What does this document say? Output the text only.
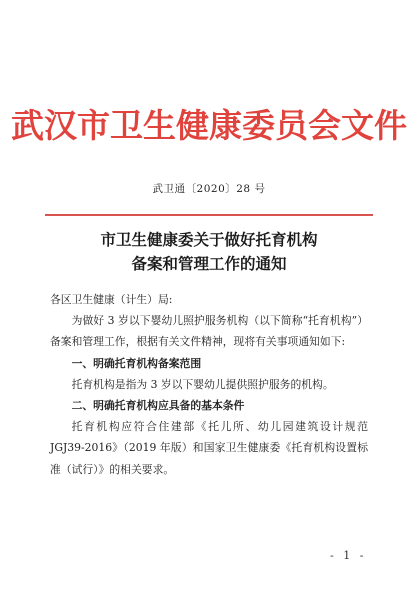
武汉市卫生健康委员会文件
武卫通〔2020〕28 号
市卫生健康委关于做好托育机构
备案和管理工作的通知

各区卫生健康（计生）局:

为做好 3 岁以下婴幼儿照护服务机构（以下简称“托育机构”）备案和管理工作，根据有关文件精神，现将有关事项通知如下:

一、明确托育机构备案范围

托育机构是指为 3 岁以下婴幼儿提供照护服务的机构。

二、明确托育机构应具备的基本条件

托育机构应符合住建部《托儿所、幼儿园建筑设计规范 JGJ39-2016》（2019 年版）和国家卫生健康委《托育机构设置标准（试行）》的相关要求。

- 1 -
